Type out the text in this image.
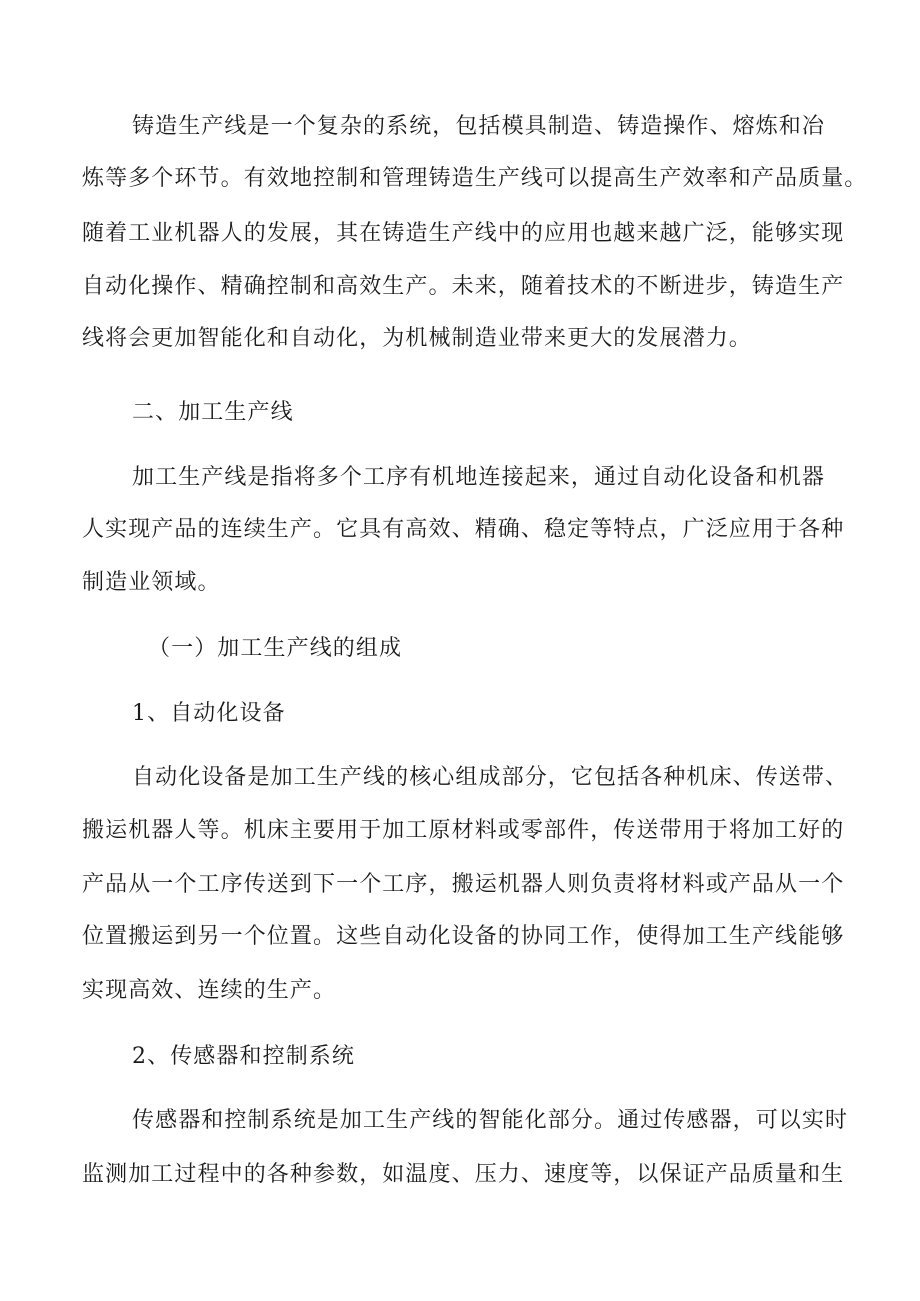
铸造生产线是一个复杂的系统，包括模具制造、铸造操作、熔炼和冶
炼等多个环节。有效地控制和管理铸造生产线可以提高生产效率和产品质量。
随着工业机器人的发展，其在铸造生产线中的应用也越来越广泛，能够实现
自动化操作、精确控制和高效生产。未来，随着技术的不断进步，铸造生产
线将会更加智能化和自动化，为机械制造业带来更大的发展潜力。
二、加工生产线
加工生产线是指将多个工序有机地连接起来，通过自动化设备和机器
人实现产品的连续生产。它具有高效、精确、稳定等特点，广泛应用于各种
制造业领域。
（一）加工生产线的组成
1、自动化设备
自动化设备是加工生产线的核心组成部分，它包括各种机床、传送带、
搬运机器人等。机床主要用于加工原材料或零部件，传送带用于将加工好的
产品从一个工序传送到下一个工序，搬运机器人则负责将材料或产品从一个
位置搬运到另一个位置。这些自动化设备的协同工作，使得加工生产线能够
实现高效、连续的生产。
2、传感器和控制系统
传感器和控制系统是加工生产线的智能化部分。通过传感器，可以实时
监测加工过程中的各种参数，如温度、压力、速度等，以保证产品质量和生
